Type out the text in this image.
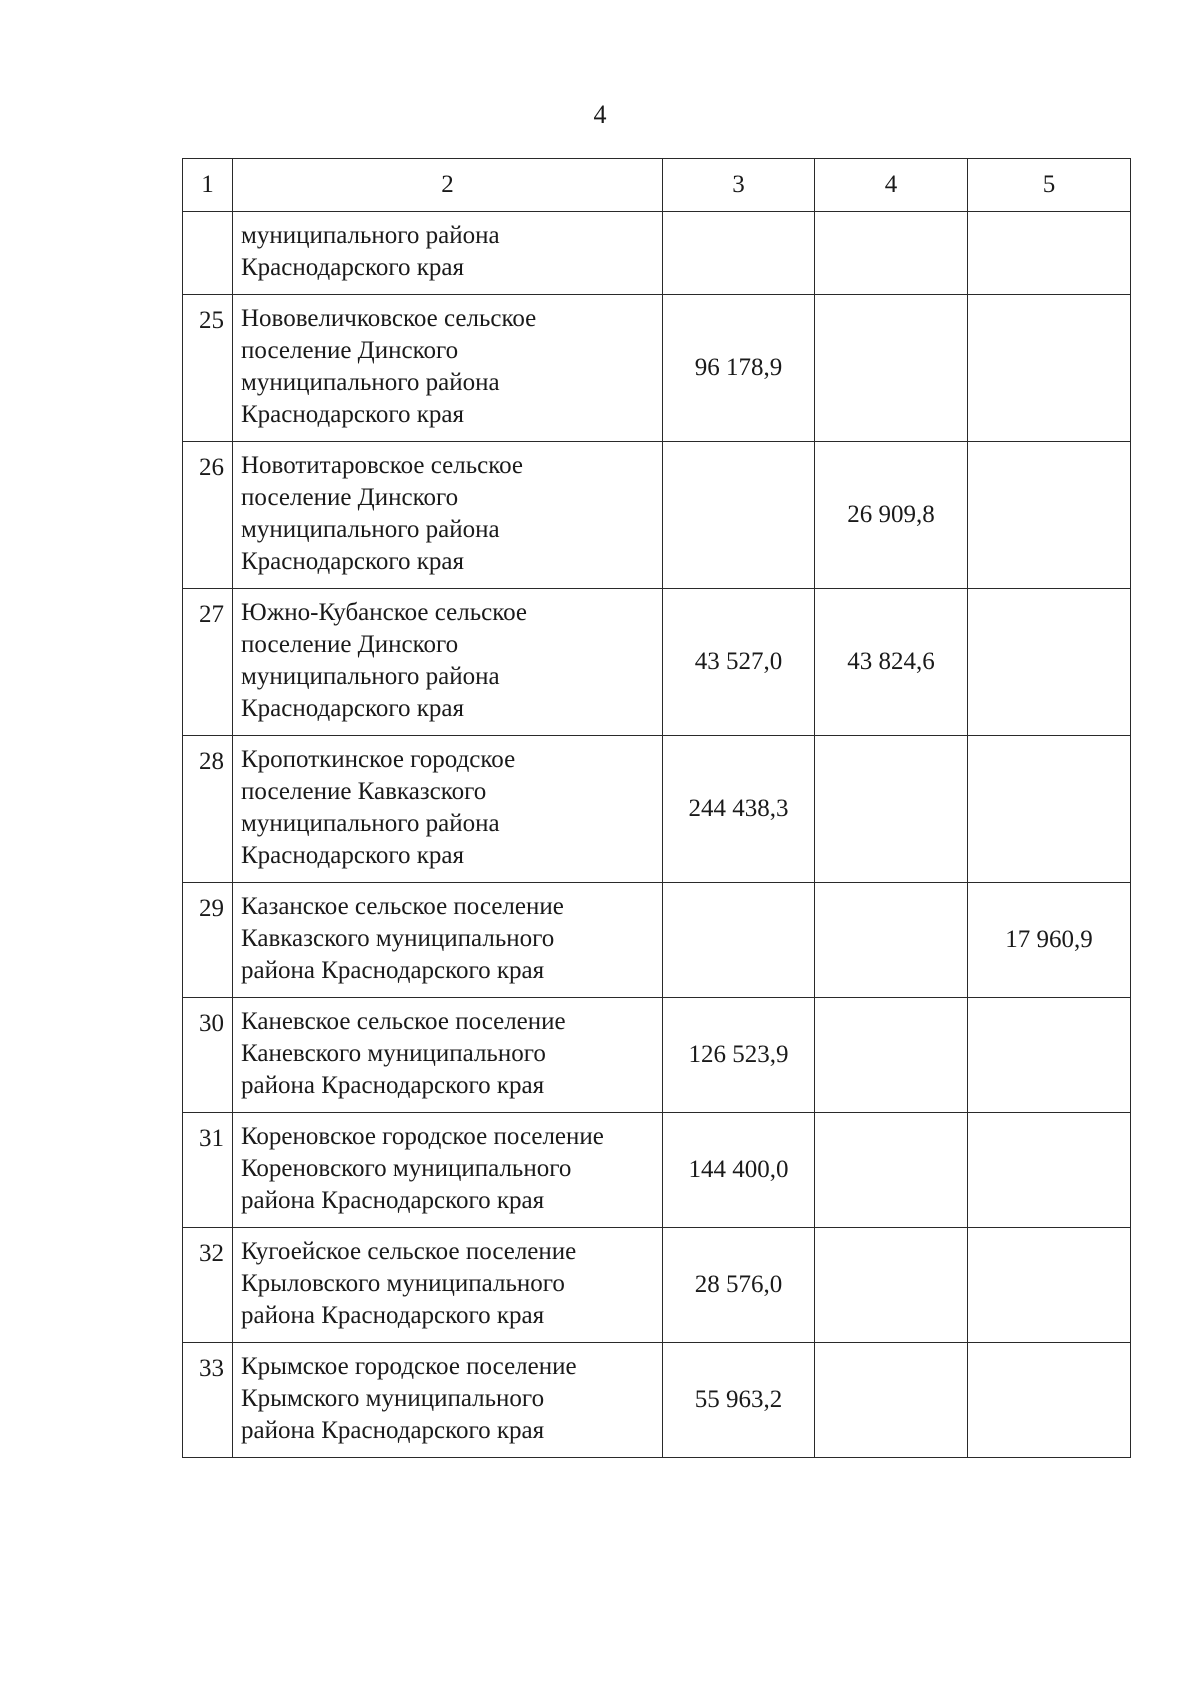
4
1	2	3	4	5

	муниципального района
Краснодарского края			

25	Нововеличковское сельское
поселение Динского
муниципального района
Краснодарского края	96 178,9		
26	Новотитаровское сельское
поселение Динского
муниципального района
Краснодарского края		26 909,8	
27	Южно-Кубанское сельское
поселение Динского
муниципального района
Краснодарского края	43 527,0	43 824,6	
28	Кропоткинское городское
поселение Кавказского
муниципального района
Краснодарского края	244 438,3		
29	Казанское сельское поселение
Кавказского муниципального
района Краснодарского края			17 960,9
30	Каневское сельское поселение
Каневского муниципального
района Краснодарского края	126 523,9		
31	Кореновское городское поселение
Кореновского муниципального
района Краснодарского края	144 400,0		
32	Кугоейское сельское поселение
Крыловского муниципального
района Краснодарского края	28 576,0		
33	Крымское городское поселение
Крымского муниципального
района Краснодарского края	55 963,2		
